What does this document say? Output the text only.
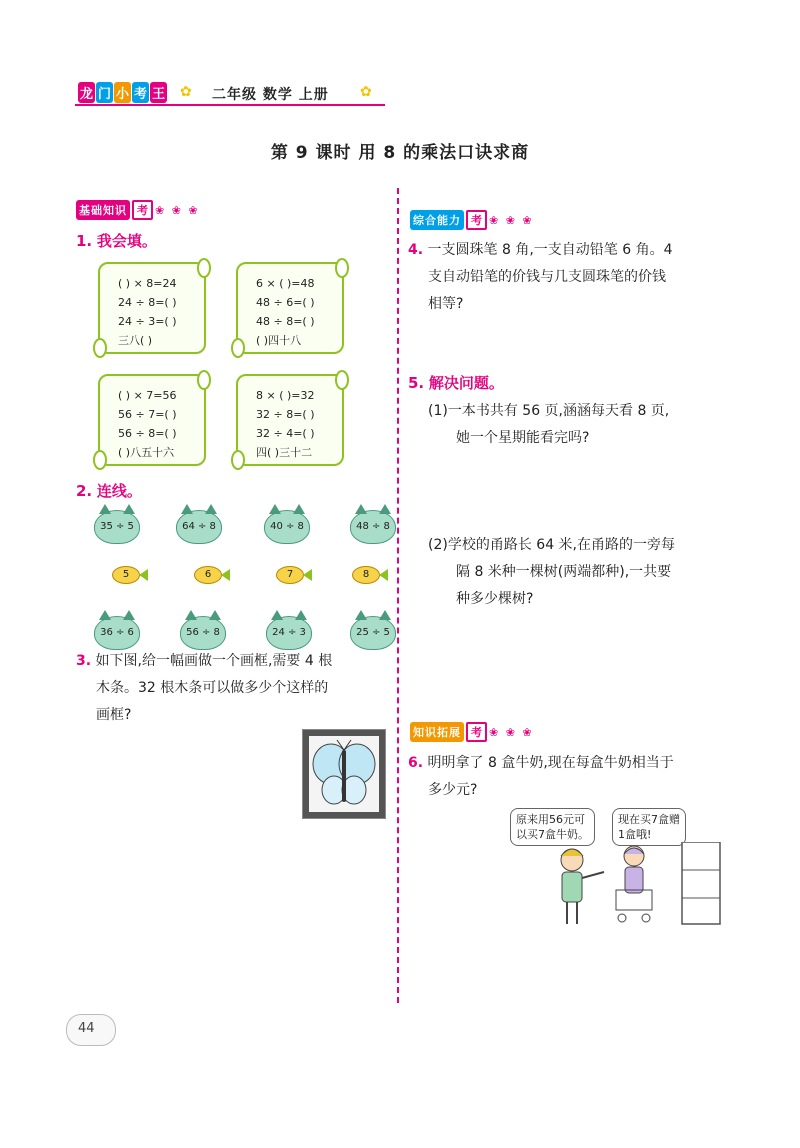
龙 门 小 考 王 ✿ 二年级 数学 上册 ✿
第 9 课时 用 8 的乘法口诀求商
基础知识 考 ❀ ❀ ❀
1. 我会填。
( ) × 8=24
24 ÷ 8=( )
24 ÷ 3=( )
三八( )
6 × ( )=48
48 ÷ 6=( )
48 ÷ 8=( )
( )四十八
( ) × 7=56
56 ÷ 7=( )
56 ÷ 8=( )
( )八五十六
8 × ( )=32
32 ÷ 8=( )
32 ÷ 4=( )
四( )三十二
2. 连线。
35 ÷ 5	64 ÷ 8	40 ÷ 8	48 ÷ 8
5	6	7	8
36 ÷ 6	56 ÷ 8	24 ÷ 3	25 ÷ 5
3. 如下图,给一幅画做一个画框,需要 4 根
木条。32 根木条可以做多少个这样的
画框?
综合能力 考 ❀ ❀ ❀
4. 一支圆珠笔 8 角,一支自动铅笔 6 角。4
支自动铅笔的价钱与几支圆珠笔的价钱
相等?
5. 解决问题。
(1)一本书共有 56 页,涵涵每天看 8 页,
她一个星期能看完吗?
(2)学校的甬路长 64 米,在甬路的一旁每
隔 8 米种一棵树(两端都种),一共要
种多少棵树?
知识拓展 考 ❀ ❀ ❀
6. 明明拿了 8 盒牛奶,现在每盒牛奶相当于
多少元?
原来用56元可
以买7盒牛奶。
现在买7盒赠
1盒哦!
44
